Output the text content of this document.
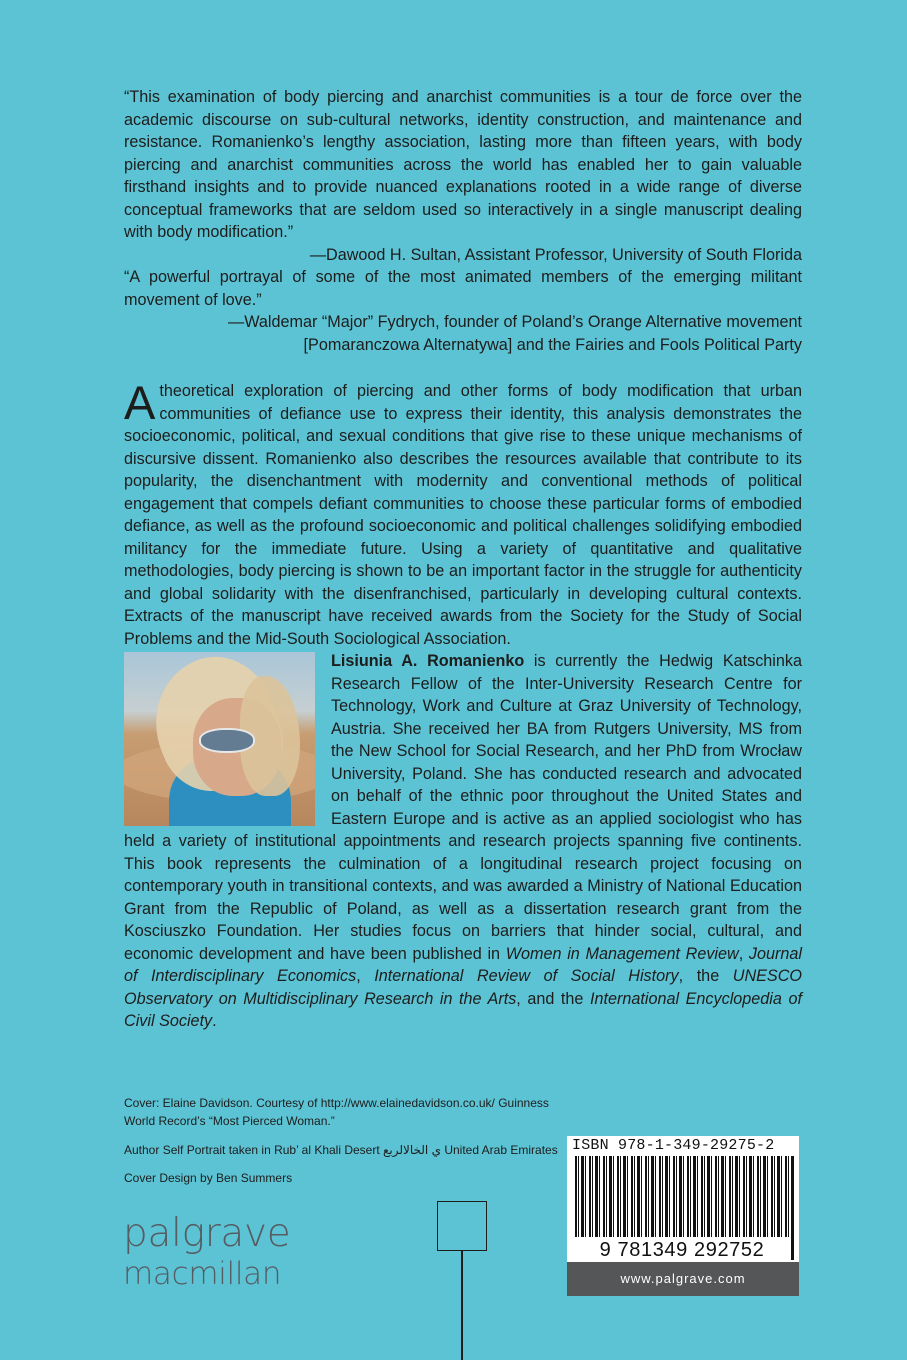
“This examination of body piercing and anarchist communities is a tour de force over the academic discourse on sub-cultural networks, identity construction, and maintenance and resistance. Romanienko’s lengthy association, lasting more than fifteen years, with body piercing and anarchist communities across the world has enabled her to gain valuable firsthand insights and to provide nuanced explanations rooted in a wide range of diverse conceptual frameworks that are seldom used so interactively in a single manuscript dealing with body modification.”

—Dawood H. Sultan, Assistant Professor, University of South Florida

“A powerful portrayal of some of the most animated members of the emerging militant movement of love.”

—Waldemar “Major” Fydrych, founder of Poland’s Orange Alternative movement

[Pomaranczowa Alternatywa] and the Fairies and Fools Political Party

Atheoretical exploration of piercing and other forms of body modification that urban communities of defiance use to express their identity, this analysis demonstrates the socioeconomic, political, and sexual conditions that give rise to these unique mechanisms of discursive dissent. Romanienko also describes the resources available that contribute to its popularity, the disenchantment with modernity and conventional methods of political engagement that compels defiant communities to choose these particular forms of embodied defiance, as well as the profound socioeconomic and political challenges solidifying embodied militancy for the immediate future. Using a variety of quantitative and qualitative methodologies, body piercing is shown to be an important factor in the struggle for authenticity and global solidarity with the disenfranchised, particularly in developing cultural contexts. Extracts of the manuscript have received awards from the Society for the Study of Social Problems and the Mid-South Sociological Association.

Lisiunia A. Romanienko is currently the Hedwig Katschinka Research Fellow of the Inter-University Research Centre for Technology, Work and Culture at Graz University of Technology, Austria. She received her BA from Rutgers University, MS from the New School for Social Research, and her PhD from Wrocław University, Poland. She has conducted research and advocated on behalf of the ethnic poor throughout the United States and Eastern Europe and is active as an applied sociologist who has held a variety of institutional appointments and research projects spanning five continents. This book represents the culmination of a longitudinal research project focusing on contemporary youth in transitional contexts, and was awarded a Ministry of National Education Grant from the Republic of Poland, as well as a dissertation research grant from the Kosciuszko Foundation. Her studies focus on barriers that hinder social, cultural, and economic development and have been published in Women in Management Review, Journal of Interdisciplinary Economics, International Review of Social History, the UNESCO Observatory on Multidisciplinary Research in the Arts, and the International Encyclopedia of Civil Society.

Cover: Elaine Davidson. Courtesy of http://www.elainedavidson.co.uk/ Guinness World Record’s “Most Pierced Woman.”

Author Self Portrait taken in Rub’ al Khali Desert ي الخالالربع United Arab Emirates

Cover Design by Ben Summers

palgrave
macmillan
ISBN 978-1-349-29275-2
9 781349 292752
www.palgrave.com
